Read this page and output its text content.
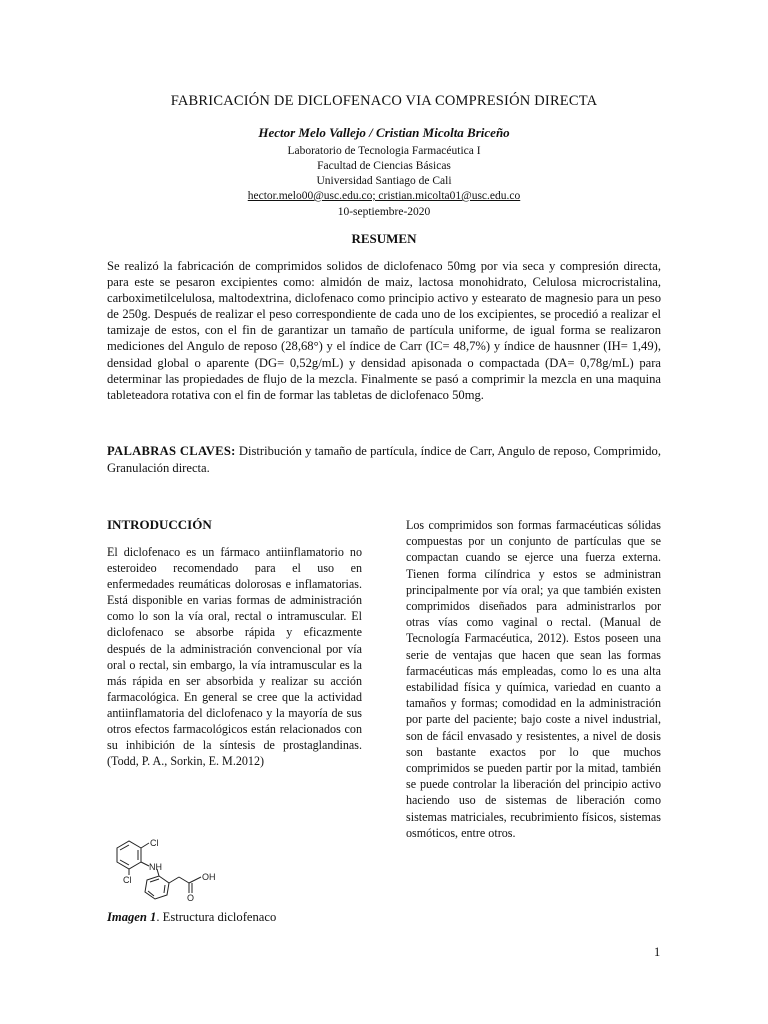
FABRICACIÓN DE DICLOFENACO VIA COMPRESIÓN DIRECTA
Hector Melo Vallejo / Cristian Micolta Briceño
Laboratorio de Tecnologia Farmacéutica I
Facultad de Ciencias Básicas
Universidad Santiago de Cali
hector.melo00@usc.edu.co; cristian.micolta01@usc.edu.co
10-septiembre-2020
RESUMEN

Se realizó la fabricación de comprimidos solidos de diclofenaco 50mg por via seca y compresión directa, para este se pesaron excipientes como: almidón de maiz, lactosa monohidrato, Celulosa microcristalina, carboximetilcelulosa, maltodextrina, diclofenaco como principio activo y estearato de magnesio para un peso de 250g. Después de realizar el peso correspondiente de cada uno de los excipientes, se procedió a realizar el tamizaje de estos, con el fin de garantizar un tamaño de partícula uniforme, de igual forma se realizaron mediciones del Angulo de reposo (28,68°) y el índice de Carr (IC= 48,7%) y índice de hausnner (IH= 1,49), densidad global o aparente (DG= 0,52g/mL) y densidad apisonada o compactada (DA= 0,78g/mL) para determinar las propiedades de flujo de la mezcla. Finalmente se pasó a comprimir la mezcla en una maquina tableteadora rotativa con el fin de formar las tabletas de diclofenaco 50mg.

PALABRAS CLAVES: Distribución y tamaño de partícula, índice de Carr, Angulo de reposo, Comprimido, Granulación directa.

INTRODUCCIÓN

El diclofenaco es un fármaco antiinflamatorio no esteroideo recomendado para el uso en enfermedades reumáticas dolorosas e inflamatorias. Está disponible en varias formas de administración como lo son la vía oral, rectal o intramuscular. El diclofenaco se absorbe rápida y eficazmente después de la administración convencional por vía oral o rectal, sin embargo, la vía intramuscular es la más rápida en ser absorbida y realizar su acción farmacológica. En general se cree que la actividad antiinflamatoria del diclofenaco y la mayoría de sus otros efectos farmacológicos están relacionados con su inhibición de la síntesis de prostaglandinas. (Todd, P. A., Sorkin, E. M.2012)

Los comprimidos son formas farmacéuticas sólidas compuestas por un conjunto de partículas que se compactan cuando se ejerce una fuerza externa. Tienen forma cilíndrica y estos se administran principalmente por vía oral; ya que también existen comprimidos diseñados para administrarlos por otras vías como vaginal o rectal. (Manual de Tecnología Farmacéutica, 2012). Estos poseen una serie de ventajas que hacen que sean las formas farmacéuticas más empleadas, como lo es una alta estabilidad física y química, variedad en cuanto a tamaños y formas; comodidad en la administración por parte del paciente; bajo coste a nivel industrial, son de fácil envasado y resistentes, a nivel de dosis son bastante exactos por lo que muchos comprimidos se pueden partir por la mitad, también se puede controlar la liberación del principio activo haciendo uso de sistemas de liberación como sistemas matriciales, recubrimiento físicos, sistemas osmóticos, entre otros.

Cl
NH
Cl
O
OH
Imagen 1. Estructura diclofenaco
1
